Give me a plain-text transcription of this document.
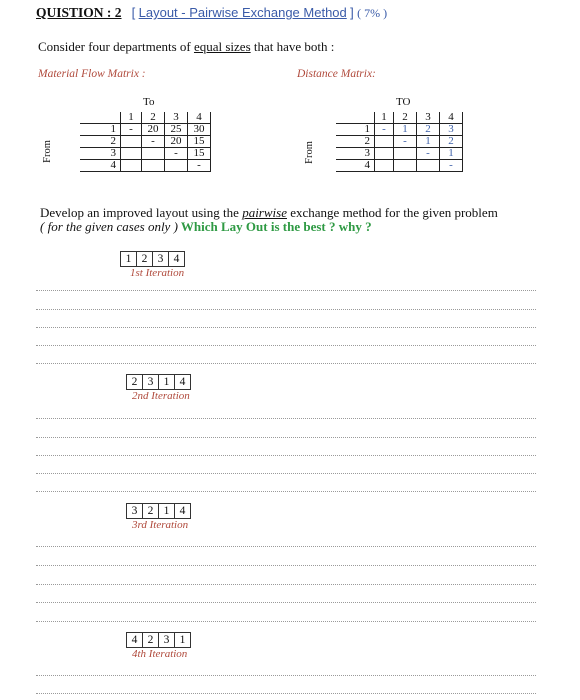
QUISTION : 2 [ Layout - Pairwise Exchange Method ] ( 7% )
Consider four departments of equal sizes that have both :
Material Flow Matrix :
To
From
	1	2	3	4
1	-	20	25	30
2		-	20	15
3			-	15
4				-
Distance Matrix:
TO
From
	1	2	3	4
1	-	1	2	3
2		-	1	2
3			-	1
4				-
Develop an improved layout using the pairwise exchange method for the given problem
( for the given cases only ) Which Lay Out is the best ? why ?
1 2 3 4
1st Iteration
2 3 1 4
2nd Iteration
3 2 1 4
3rd Iteration
4 2 3 1
4th Iteration
